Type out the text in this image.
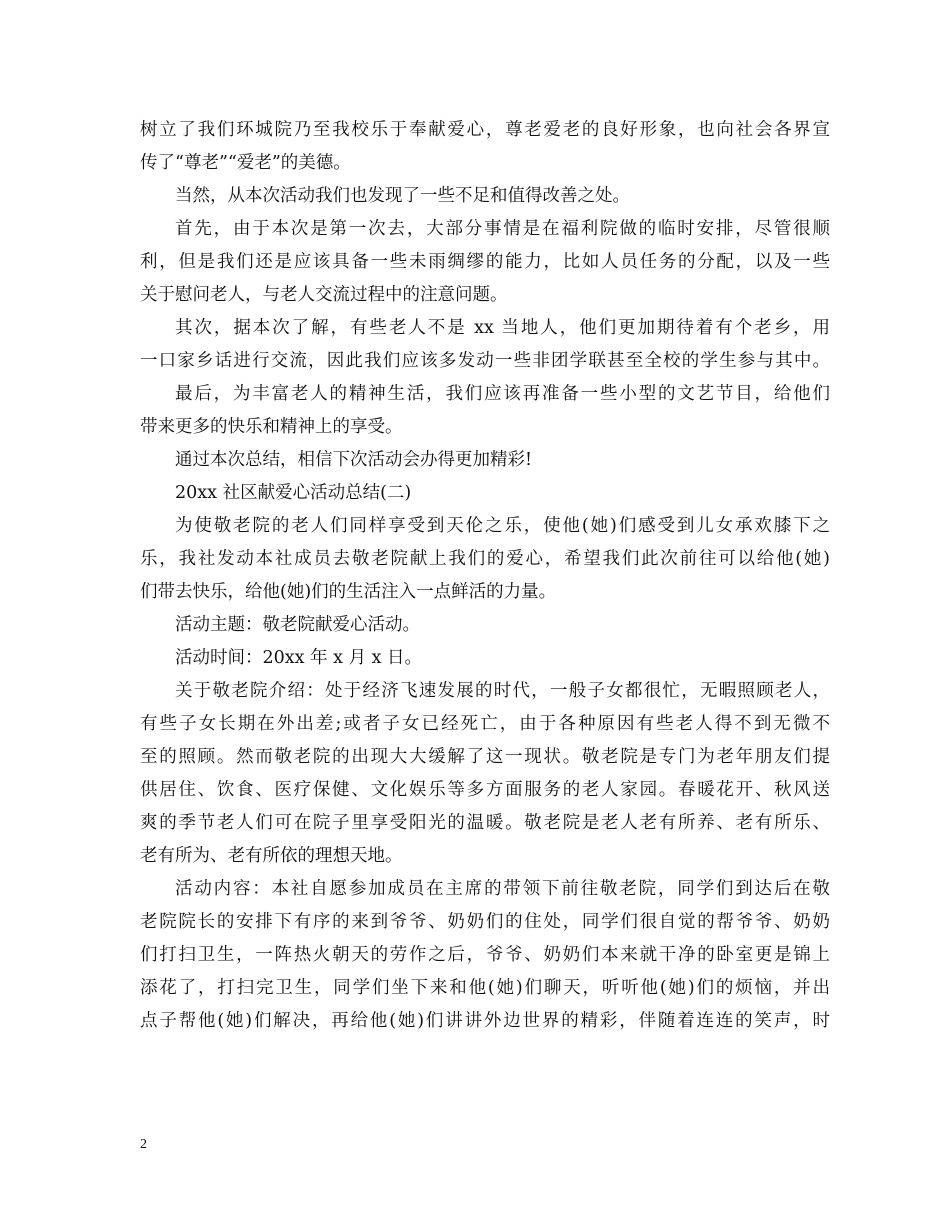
树立了我们环城院乃至我校乐于奉献爱心，尊老爱老的良好形象，也向社会各界宣
传了“尊老”“爱老”的美德。
当然，从本次活动我们也发现了一些不足和值得改善之处。
首先，由于本次是第一次去，大部分事情是在福利院做的临时安排，尽管很顺
利，但是我们还是应该具备一些未雨绸缪的能力，比如人员任务的分配，以及一些
关于慰问老人，与老人交流过程中的注意问题。
其次，据本次了解，有些老人不是 xx 当地人，他们更加期待着有个老乡，用
一口家乡话进行交流，因此我们应该多发动一些非团学联甚至全校的学生参与其中。
最后，为丰富老人的精神生活，我们应该再准备一些小型的文艺节目，给他们
带来更多的快乐和精神上的享受。
通过本次总结，相信下次活动会办得更加精彩!
20xx 社区献爱心活动总结(二)
为使敬老院的老人们同样享受到天伦之乐，使他(她)们感受到儿女承欢膝下之
乐，我社发动本社成员去敬老院献上我们的爱心，希望我们此次前往可以给他(她)
们带去快乐，给他(她)们的生活注入一点鲜活的力量。
活动主题：敬老院献爱心活动。
活动时间：20xx 年 x 月 x 日。
关于敬老院介绍：处于经济飞速发展的时代，一般子女都很忙，无暇照顾老人，
有些子女长期在外出差;或者子女已经死亡，由于各种原因有些老人得不到无微不
至的照顾。然而敬老院的出现大大缓解了这一现状。敬老院是专门为老年朋友们提
供居住、饮食、医疗保健、文化娱乐等多方面服务的老人家园。春暖花开、秋风送
爽的季节老人们可在院子里享受阳光的温暖。敬老院是老人老有所养、老有所乐、
老有所为、老有所依的理想天地。
活动内容：本社自愿参加成员在主席的带领下前往敬老院，同学们到达后在敬
老院院长的安排下有序的来到爷爷、奶奶们的住处，同学们很自觉的帮爷爷、奶奶
们打扫卫生，一阵热火朝天的劳作之后，爷爷、奶奶们本来就干净的卧室更是锦上
添花了，打扫完卫生，同学们坐下来和他(她)们聊天，听听他(她)们的烦恼，并出
点子帮他(她)们解决，再给他(她)们讲讲外边世界的精彩，伴随着连连的笑声，时
2
